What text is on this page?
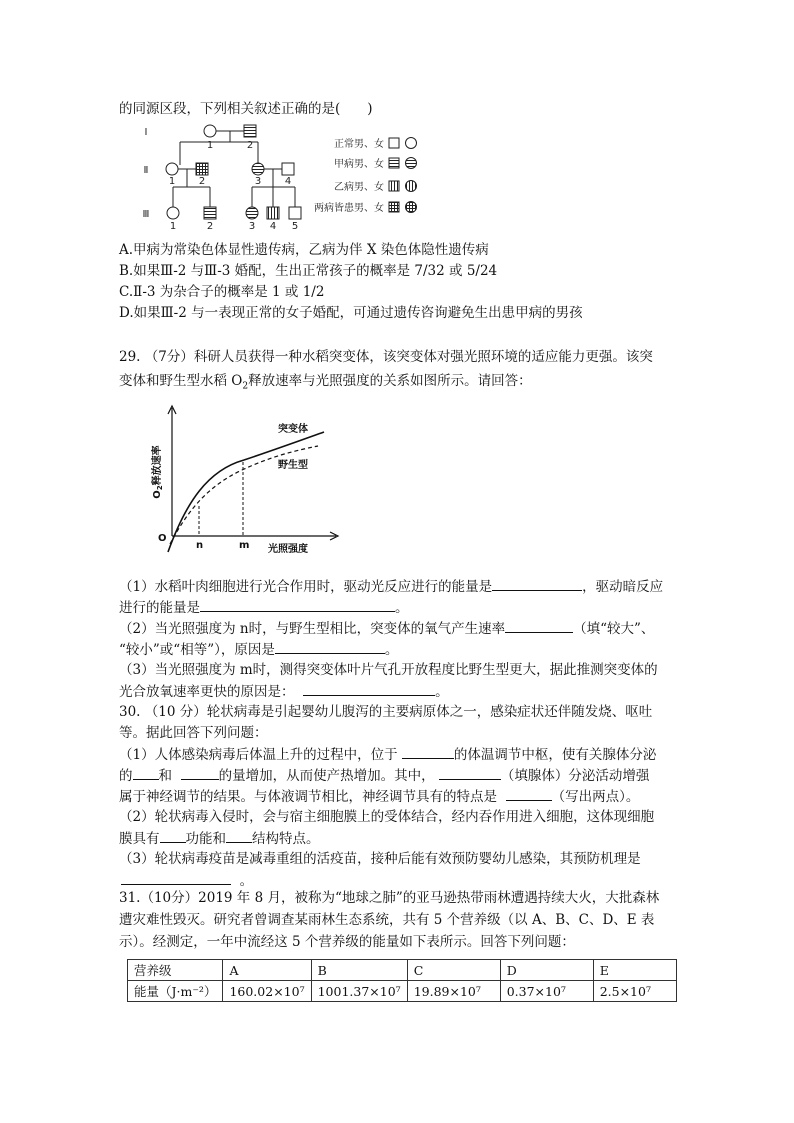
的同源区段，下列相关叙述正确的是(　　)
Ⅰ
Ⅱ
Ⅲ
1	2
1 2	3 4
1	2	3 4 5
正常男、女
甲病男、女
乙病男、女
两病皆患男、女
A.甲病为常染色体显性遗传病，乙病为伴 X 染色体隐性遗传病
B.如果Ⅲ-2 与Ⅲ-3 婚配，生出正常孩子的概率是 7/32 或 5/24
C.Ⅱ-3 为杂合子的概率是 1 或 1/2
D.如果Ⅲ-2 与一表现正常的女子婚配，可通过遗传咨询避免生出患甲病的男孩
29. （7分）科研人员获得一种水稻突变体，该突变体对强光照环境的适应能力更强。该突
变体和野生型水稻 $O_2$释放速率与光照强度的关系如图所示。请回答：
$O_2$释放速率
O
n	m 光照强度
突变体
野生型
（1）水稻叶肉细胞进行光合作用时，驱动光反应进行的能量是	，驱动暗反应
进行的能量是	。
（2）当光照强度为 n时，与野生型相比，突变体的氧气产生速率	（填“较大”、
“较小”或“相等”），原因是	。
（3）当光照强度为 m时，测得突变体叶片气孔开放程度比野生型更大，据此推测突变体的
光合放氧速率更快的原因是：	。
30. （10 分）轮状病毒是引起婴幼儿腹泻的主要病原体之一，感染症状还伴随发烧、呕吐
等。据此回答下列问题：
（1）人体感染病毒后体温上升的过程中，位于	的体温调节中枢，使有关腺体分泌
的 和	的量增加，从而使产热增加。其中，	（填腺体）分泌活动增强
属于神经调节的结果。与体液调节相比，神经调节具有的特点是	（写出两点）。
（2）轮状病毒入侵时，会与宿主细胞膜上的受体结合，经内吞作用进入细胞，这体现细胞
膜具有 功能和 结构特点。
（3）轮状病毒疫苗是减毒重组的活疫苗，接种后能有效预防婴幼儿感染，其预防机理是
。
31.（10分）2019 年 8 月，被称为“地球之肺”的亚马逊热带雨林遭遇持续大火，大批森林
遭灾难性毁灭。研究者曾调查某雨林生态系统，共有 5 个营养级（以 A、B、C、D、E 表
示）。经测定，一年中流经这 5 个营养级的能量如下表所示。回答下列问题：
营养级	A	B	C	D	E
能量（J·m⁻²）	160.02×10⁷	1001.37×10⁷	19.89×10⁷	0.37×10⁷	2.5×10⁷
